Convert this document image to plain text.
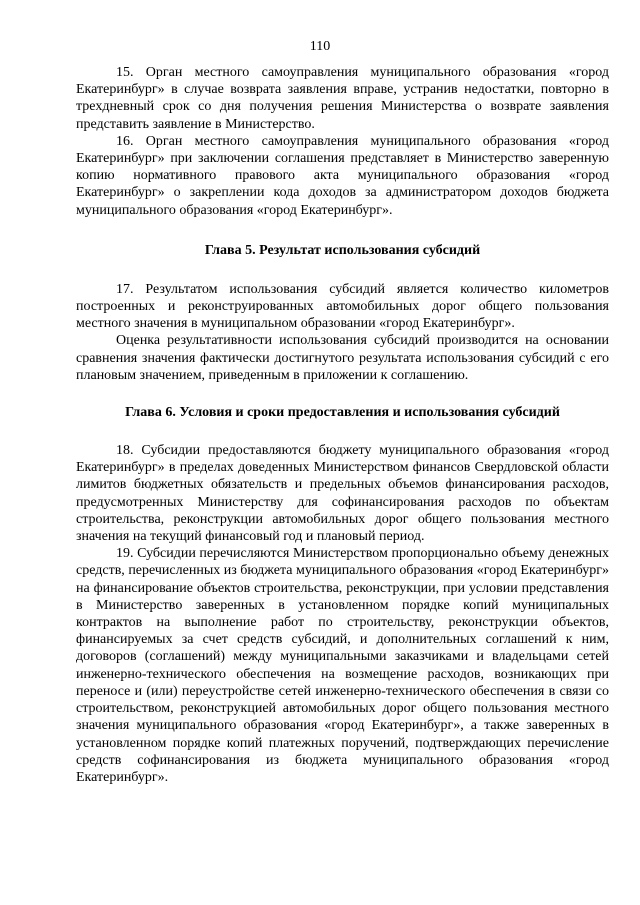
110

15. Орган местного самоуправления муниципального образования «город Екатеринбург» в случае возврата заявления вправе, устранив недостатки, повторно в трехдневный срок со дня получения решения Министерства о возврате заявления представить заявление в Министерство.

16. Орган местного самоуправления муниципального образования «город Екатеринбург» при заключении соглашения представляет в Министерство заверенную копию нормативного правового акта муниципального образования «город Екатеринбург» о закреплении кода доходов за администратором доходов бюджета муниципального образования «город Екатеринбург».

Глава 5. Результат использования субсидий

17. Результатом использования субсидий является количество километров построенных и реконструированных автомобильных дорог общего пользования местного значения в муниципальном образовании «город Екатеринбург».

Оценка результативности использования субсидий производится на основании сравнения значения фактически достигнутого результата использования субсидий с его плановым значением, приведенным в приложении к соглашению.

Глава 6. Условия и сроки предоставления и использования субсидий

18. Субсидии предоставляются бюджету муниципального образования «город Екатеринбург» в пределах доведенных Министерством финансов Свердловской области лимитов бюджетных обязательств и предельных объемов финансирования расходов, предусмотренных Министерству для софинансирования расходов по объектам строительства, реконструкции автомобильных дорог общего пользования местного значения на текущий финансовый год и плановый период.

19. Субсидии перечисляются Министерством пропорционально объему денежных средств, перечисленных из бюджета муниципального образования «город Екатеринбург» на финансирование объектов строительства, реконструкции, при условии представления в Министерство заверенных в установленном порядке копий муниципальных контрактов на выполнение работ по строительству, реконструкции объектов, финансируемых за счет средств субсидий, и дополнительных соглашений к ним, договоров (соглашений) между муниципальными заказчиками и владельцами сетей инженерно-технического обеспечения на возмещение расходов, возникающих при переносе и (или) переустройстве сетей инженерно-технического обеспечения в связи со строительством, реконструкцией автомобильных дорог общего пользования местного значения муниципального образования «город Екатеринбург», а также заверенных в установленном порядке копий платежных поручений, подтверждающих перечисление средств софинансирования из бюджета муниципального образования «город Екатеринбург».
